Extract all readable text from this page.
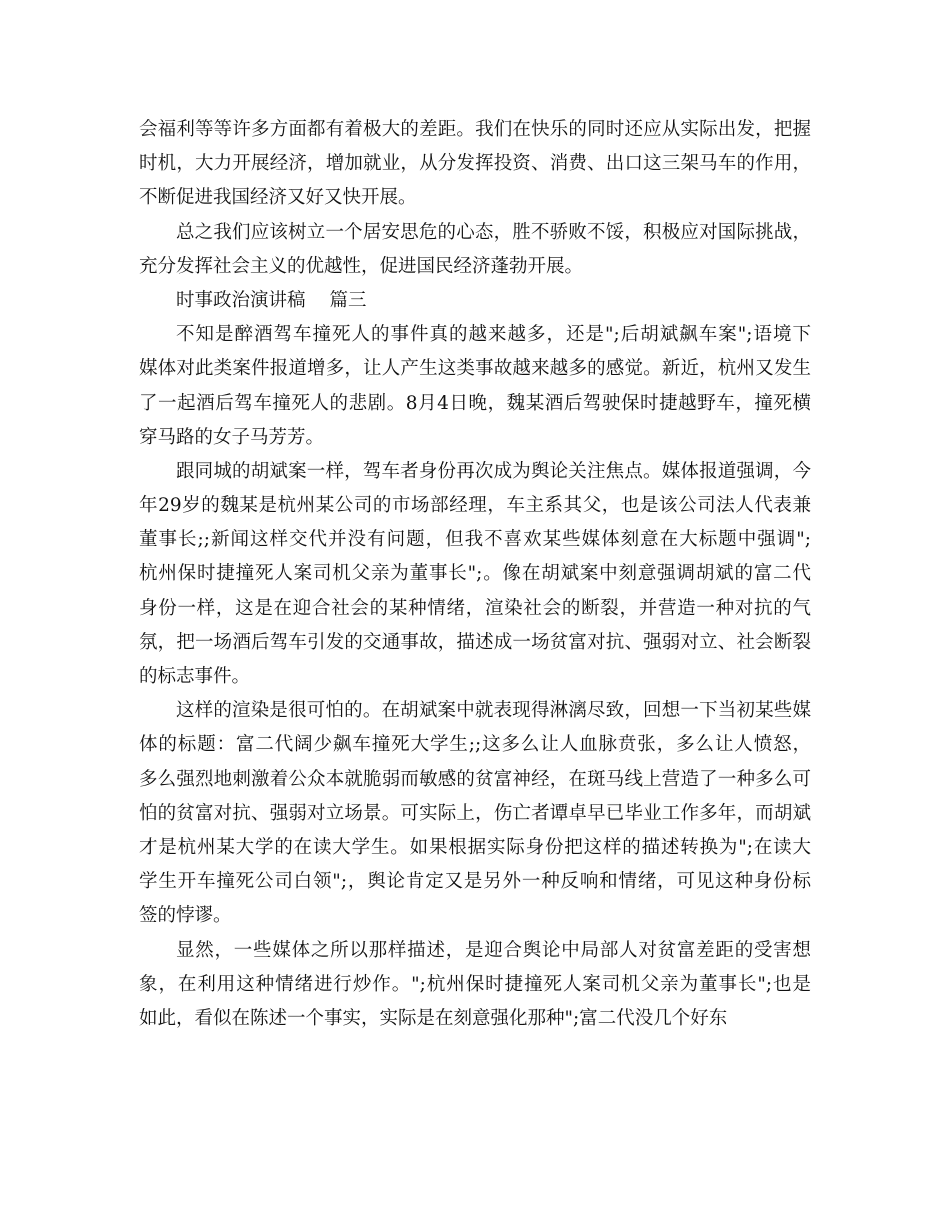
会福利等等许多方面都有着极大的差距。我们在快乐的同时还应从实际出发，把握
时机，大力开展经济，增加就业，从分发挥投资、消费、出口这三架马车的作用，
不断促进我国经济又好又快开展。
总之我们应该树立一个居安思危的心态，胜不骄败不馁，积极应对国际挑战，
充分发挥社会主义的优越性，促进国民经济蓬勃开展。
时事政治演讲稿 篇三
不知是醉酒驾车撞死人的事件真的越来越多，还是";后胡斌飙车案";语境下
媒体对此类案件报道增多，让人产生这类事故越来越多的感觉。新近，杭州又发生
了一起酒后驾车撞死人的悲剧。8月4日晚，魏某酒后驾驶保时捷越野车，撞死横
穿马路的女子马芳芳。
跟同城的胡斌案一样，驾车者身份再次成为舆论关注焦点。媒体报道强调，今
年29岁的魏某是杭州某公司的市场部经理，车主系其父，也是该公司法人代表兼
董事长;;新闻这样交代并没有问题，但我不喜欢某些媒体刻意在大标题中强调";
杭州保时捷撞死人案司机父亲为董事长";。像在胡斌案中刻意强调胡斌的富二代
身份一样，这是在迎合社会的某种情绪，渲染社会的断裂，并营造一种对抗的气
氛，把一场酒后驾车引发的交通事故，描述成一场贫富对抗、强弱对立、社会断裂
的标志事件。
这样的渲染是很可怕的。在胡斌案中就表现得淋漓尽致，回想一下当初某些媒
体的标题：富二代阔少飙车撞死大学生;;这多么让人血脉贲张，多么让人愤怒，
多么强烈地刺激着公众本就脆弱而敏感的贫富神经，在斑马线上营造了一种多么可
怕的贫富对抗、强弱对立场景。可实际上，伤亡者谭卓早已毕业工作多年，而胡斌
才是杭州某大学的在读大学生。如果根据实际身份把这样的描述转换为";在读大
学生开车撞死公司白领";，舆论肯定又是另外一种反响和情绪，可见这种身份标
签的悖谬。
显然，一些媒体之所以那样描述，是迎合舆论中局部人对贫富差距的受害想
象，在利用这种情绪进行炒作。";杭州保时捷撞死人案司机父亲为董事长";也是
如此，看似在陈述一个事实，实际是在刻意强化那种";富二代没几个好东
